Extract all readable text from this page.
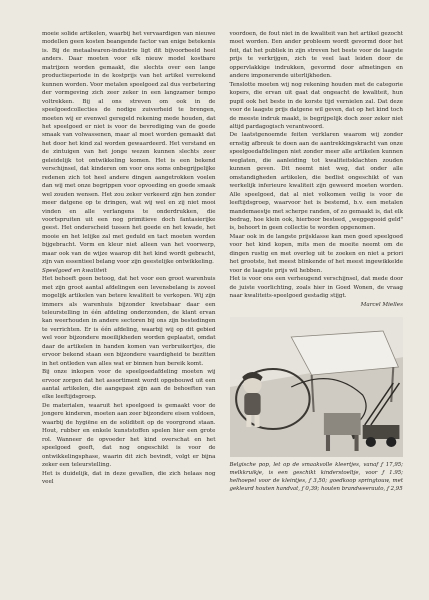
moeie solide artikelen, waarbij het vervaardigen van nieuwe modellen geen kosten beangende factor van enige betekenis is. Bij de metaalwaren-industrie ligt dit bijvoorbeeld heel anders. Daar moeten voor elk nieuw model kostbare matrijzen worden gemaakt, die slechts over een lange productieperiode in de kostprijs van het artikel verrekend kunnen worden. Voor metalen speelgoed zal dus verbetering der vormgeving zich zeer zeker in een langzamer tempo voltrekken. Bij al ons streven om ook in de speelgoedcollecties de nodige zuiverheid te brengen, moeten wij er evenwel geregeld rekening mede houden, dat het speelgoed er niet is voor de bevrediging van de goede smaak van volwassenen, maar al moet worden gemaakt dat het door het kind zal worden gewaardeerd. Het verstand en de zintuigen van het jonge wezen kunnen slechts zeer geleidelijk tot ontwikkeling komen. Het is een bekend verschijnsel, dat kinderen om voor ons soms onbegrijpelijke redenen zich tot heel andere dingen aangetrokken voelen dan wij met onze begrippen voor opvoeding en goede smaak wel zouden wensen. Het zou zeker verkeerd zijn hen zonder meer datgene op te dringen, wat wij wel en zij niet mooi vinden en alle verlangens te onderdrukken, die voortspruiten uit een nog primitieve doch fantasierijke geest. Het onderscheid tussen het goede en het kwade, het mooie en het lelijke zal met geduld en tact moeten worden bijgebracht. Vorm en kleur niet alleen van het voorwerp, maar ook van de wijze waarop dit het kind wordt gebracht, zijn van essentieel belang voor zijn geestelijke ontwikkeling.

Speelgoed en kwaliteit

Het behoeft geen betoog, dat het voor een groot warenhuis met zijn groot aantal afdelingen een levensbelang is zoveel mogelijk artikelen van betere kwaliteit te verkopen. Wij zijn immers als warenhuis bijzonder kwetsbaar daar een teleurstelling in één afdeling onderzonden, de klant ervan kan weerhouden in andere sectoren bij ons zijn bestedingen te verrichten. Er is één afdeling, waarbij wij op dit gebied wel voor bijzondere moeilijkheden worden geplaatst, omdat daar de artikelen in handen komen van verbruikertjes, die ervoor bekend staan een bijzondere vaardigheid te bezitten in het ontleden van alles wat er binnen hun bereik komt.

Bij onze inkopen voor de speelgoedafdeling moeten wij ervoor zorgen dat het assortiment wordt opgebouwd uit een aantal artikelen, die aangepast zijn aan de behoeften van elke leeftijdsgroep.

De materialen, waaruit het speelgoed is gemaakt voor de jongere kinderen, moeten aan zeer bijzondere eisen voldoen, waarbij de hygiëne en de soliditeit op de voorgrond staan. Hout, rubber en enkele kunststoffen spelen hier een grote rol. Wanneer de opvoeder het kind overschat en het speelgoed geeft, dat nog ongeschikt is voor de ontwikkelingsphase, waarin dit zich bevindt, volgt er bijna zeker een teleurstelling.

Het is duidelijk, dat in deze gevallen, die zich helaas nog veel

voordoen, de fout niet in de kwaliteit van het artikel gezocht moet worden. Een ander probleem wordt gevormd door het feit, dat het publiek in zijn streven het beste voor de laagste prijs te verkrijgen, zich te veel laat leiden door de oppervlakkige indrukken, gevormd door afmetingen en andere imponerende uiterlijkheden.

Tenslotte moeten wij nog rekening houden met de categorie kopers, die ervan uit gaat dat ongeacht de kwaliteit, hun pupil ook het beste in de korste tijd vernielen zal. Dat deze voor de laagste prijs datgene wil geven, dat op het kind toch de meeste indruk maakt, is begrijpelijk doch zeer zeker niet altijd pardagogisch verantwoord.

De laatstgenoemde feiten verklaren waarom wij zonder ernstig afbreuk te doen aan de aantrekkingskracht van onze speelgoedafdelingen niet zonder meer alle artikelen kunnen weglaten, die aanleiding tot kwaliteitsklachten zouden kunnen geven. Dit neemt niet weg, dat onder alle omstandigheden artikelen, die bedlist ongeschikt of van werkelijk inferieure kwaliteit zijn geweerd moeten worden. Alle speelgoed, dat al niet volkomen veilig is voor de leeftijdsgroep, waarvoor het is bestemd, b.v. een metalen mandemaestje met scherpe randen, of zo gemaakt is, dat elk bedrag, hoe klein ook, hierboor besteed, „weggegooid geld" is, behoort in geen collectie te worden opgenomen.

Maar ook in de langste prijsklasse kan men goed speelgoed voor het kind kopen, mits men de moeite neemt om de dingen rustig en met overleg uit te zoeken en niet a priori het grootste, het meest blinkende of het meest ingewikkelde voor de laagste prijs wil hebben.

Het is voor ons een verheugend verschijnsel, dat mede door de juiste voorlichting, zoals hier in Goed Wonen, de vraag naar kwaliteits-speelgoed gestadig stijgt.

Marcel Mielles
Belgische pop, let op de smaakvolle kleertjes, vanaf ƒ 17,95; melkkruikje, is een geschikt kinderstoeltje, voor ƒ 1.95; helhoepel voor de kleintjes, ƒ 3,50; goedkoop springtouw, met gekleurd houten handvat, ƒ 0,39; houten brandweerauto, ƒ 2,95
